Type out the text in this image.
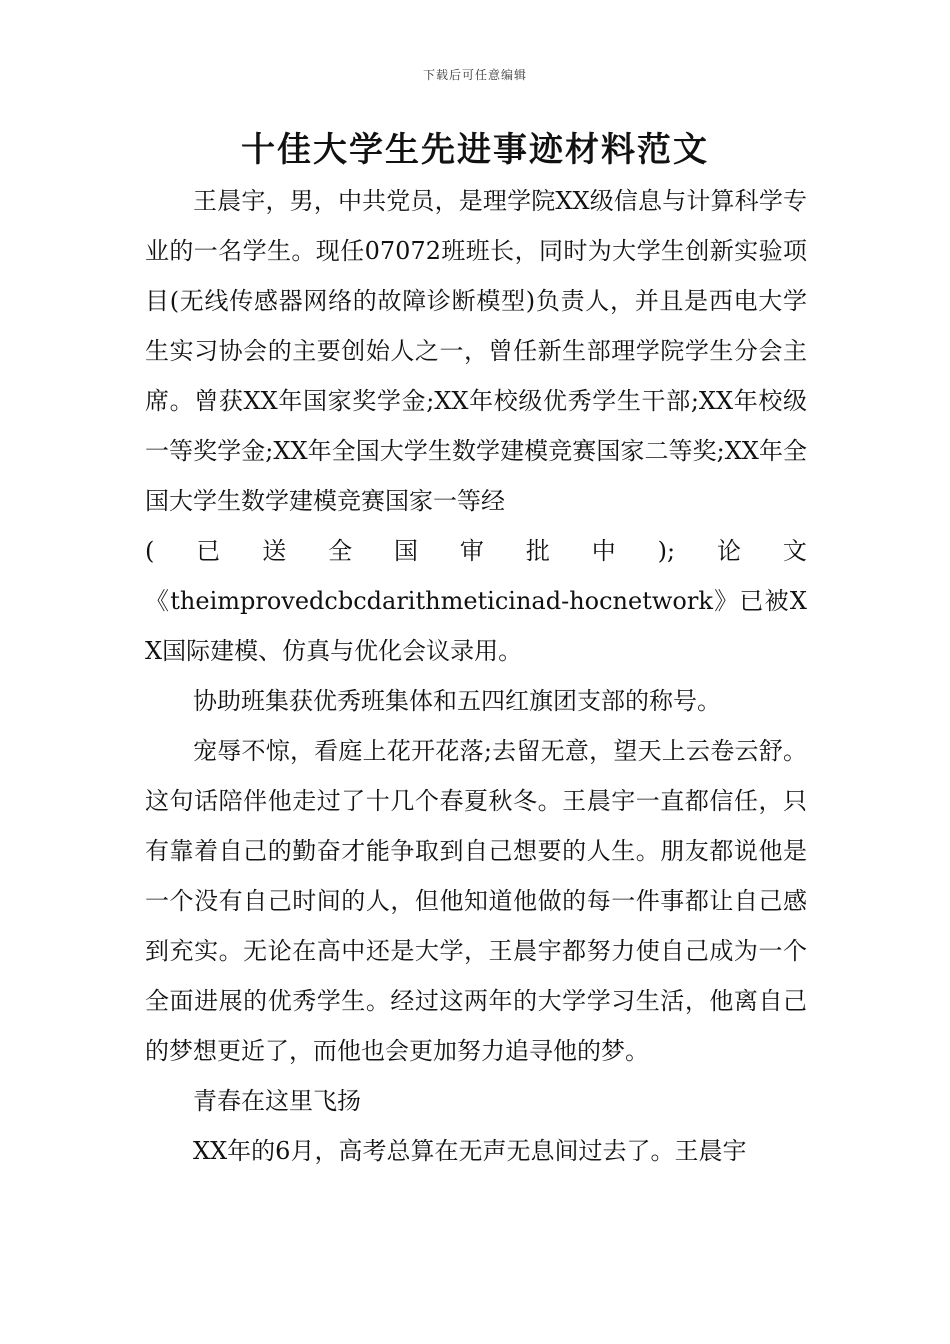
下载后可任意编辑
十佳大学生先进事迹材料范文

王晨宇，男，中共党员，是理学院XX级信息与计算科学专业的一名学生。现任07072班班长，同时为大学生创新实验项目(无线传感器网络的故障诊断模型)负责人，并且是西电大学生实习协会的主要创始人之一，曾任新生部理学院学生分会主席。曾获XX年国家奖学金;XX年校级优秀学生干部;XX年校级一等奖学金;XX年全国大学生数学建模竞赛国家二等奖;XX年全国大学生数学建模竞赛国家一等经

( 已 送 全 国 审 批 中 ); 论 文

《theimprovedcbcdarithmeticinad-hocnetwork》已被XX国际建模、仿真与优化会议录用。

协助班集获优秀班集体和五四红旗团支部的称号。

宠辱不惊，看庭上花开花落;去留无意，望天上云卷云舒。这句话陪伴他走过了十几个春夏秋冬。王晨宇一直都信任，只有靠着自己的勤奋才能争取到自己想要的人生。朋友都说他是一个没有自己时间的人，但他知道他做的每一件事都让自己感到充实。无论在高中还是大学，王晨宇都努力使自己成为一个全面进展的优秀学生。经过这两年的大学学习生活，他离自己的梦想更近了，而他也会更加努力追寻他的梦。

青春在这里飞扬

XX年的6月，高考总算在无声无息间过去了。王晨宇
